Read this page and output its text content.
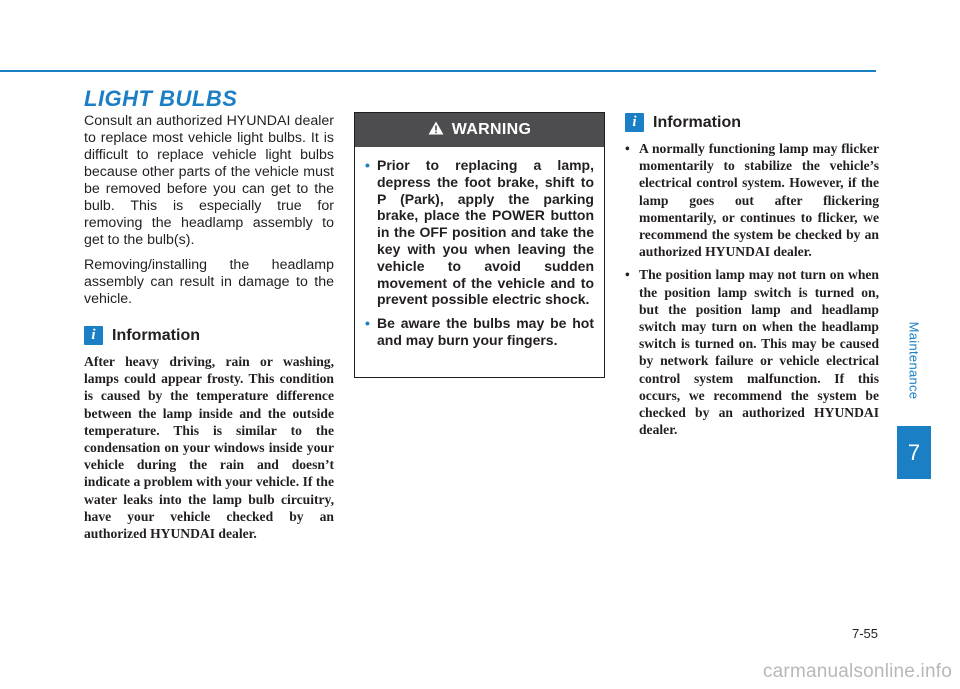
LIGHT BULBS

Consult an authorized HYUNDAI dealer to replace most vehicle light bulbs. It is difficult to replace vehicle light bulbs because other parts of the vehicle must be removed before you can get to the bulb. This is especially true for removing the headlamp assembly to get to the bulb(s).

Removing/installing the headlamp assembly can result in damage to the vehicle.

i	Information

After heavy driving, rain or washing, lamps could appear frosty. This condition is caused by the temperature difference between the lamp inside and the outside temperature. This is similar to the condensation on your windows inside your vehicle during the rain and doesn’t indicate a problem with your vehicle. If the water leaks into the lamp bulb circuitry, have your vehicle checked by an authorized HYUNDAI dealer.

WARNING
• Prior to replacing a lamp, depress the foot brake, shift to P (Park), apply the parking brake, place the POWER button in the OFF position and take the key with you when leaving the vehicle to avoid sudden movement of the vehicle and to prevent possible electric shock.
• Be aware the bulbs may be hot and may burn your fingers.
i	Information
• A normally functioning lamp may flicker momentarily to stabilize the vehicle’s electrical control system. However, if the lamp goes out after flickering momentarily, or continues to flicker, we recommend the system be checked by an authorized HYUNDAI dealer.

• The position lamp may not turn on when the position lamp switch is turned on, but the position lamp and headlamp switch may turn on when the headlamp switch is turned on. This may be caused by network failure or vehicle electrical control system malfunction. If this occurs, we recommend the system be checked by an authorized HYUNDAI dealer.

Maintenance
7
7-55
carmanualsonline.info
